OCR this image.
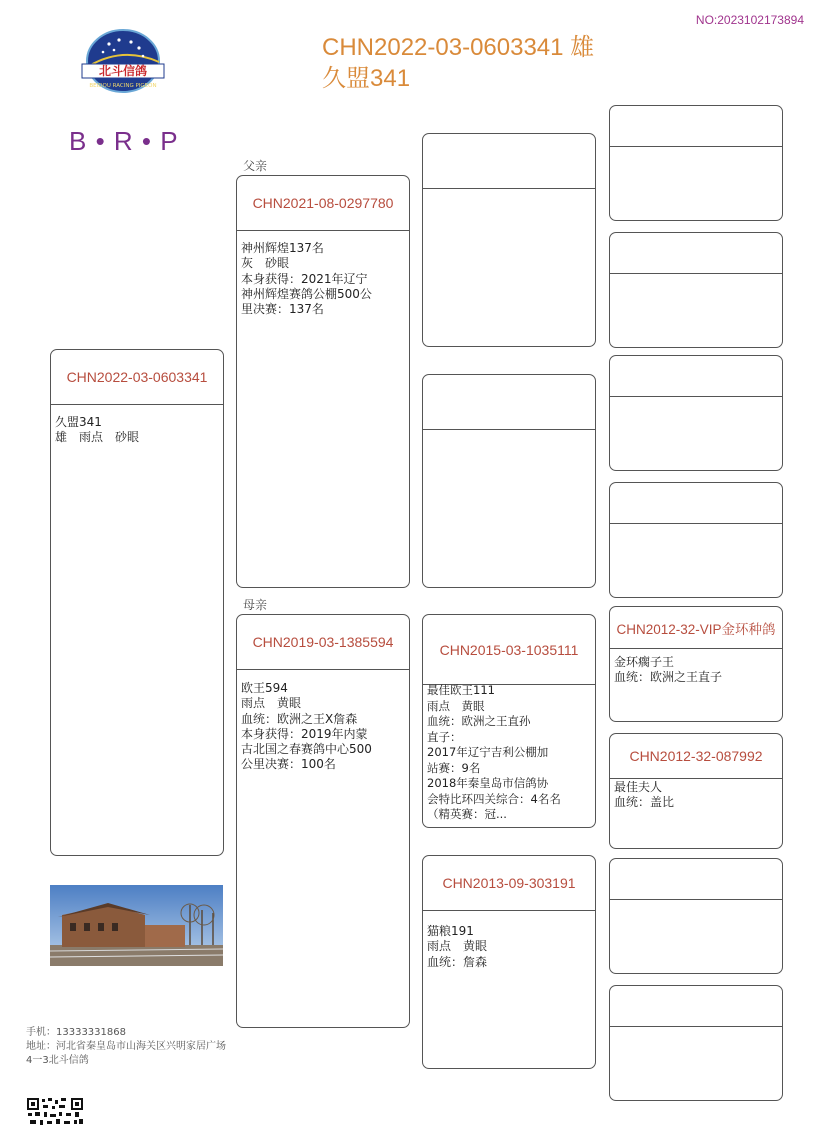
NO:2023102173894
CHN2022-03-0603341 雄
久盟341
北斗信鸽
BEIDOU RACING PIGEON
B • R • P
父亲
母亲
CHN2022-03-0603341
久盟341
雄　雨点　砂眼
CHN2021-08-0297780
神州辉煌137名
灰　砂眼
本身获得：2021年辽宁
神州辉煌赛鸽公棚500公
里决赛：137名
CHN2019-03-1385594
欧王594
雨点　黄眼
血统：欧洲之王X詹森
本身获得：2019年内蒙
古北国之春赛鸽中心500
公里决赛：100名
CHN2015-03-1035111
最佳欧王111
雨点　黄眼
血统：欧洲之王直孙
直子：
2017年辽宁吉利公棚加
站赛：9名
2018年秦皇岛市信鸽协
会特比环四关综合：4名名
（精英赛：冠...
CHN2013-09-303191
猫粮191
雨点　黄眼
血统：詹森
CHN2012-32-VIP金环种鸽
金环瘸子王
血统：欧洲之王直子
CHN2012-32-087992
最佳夫人
血统：盖比
手机：13333331868
地址：河北省秦皇岛市山海关区兴明家居广场
4一3北斗信鸽
